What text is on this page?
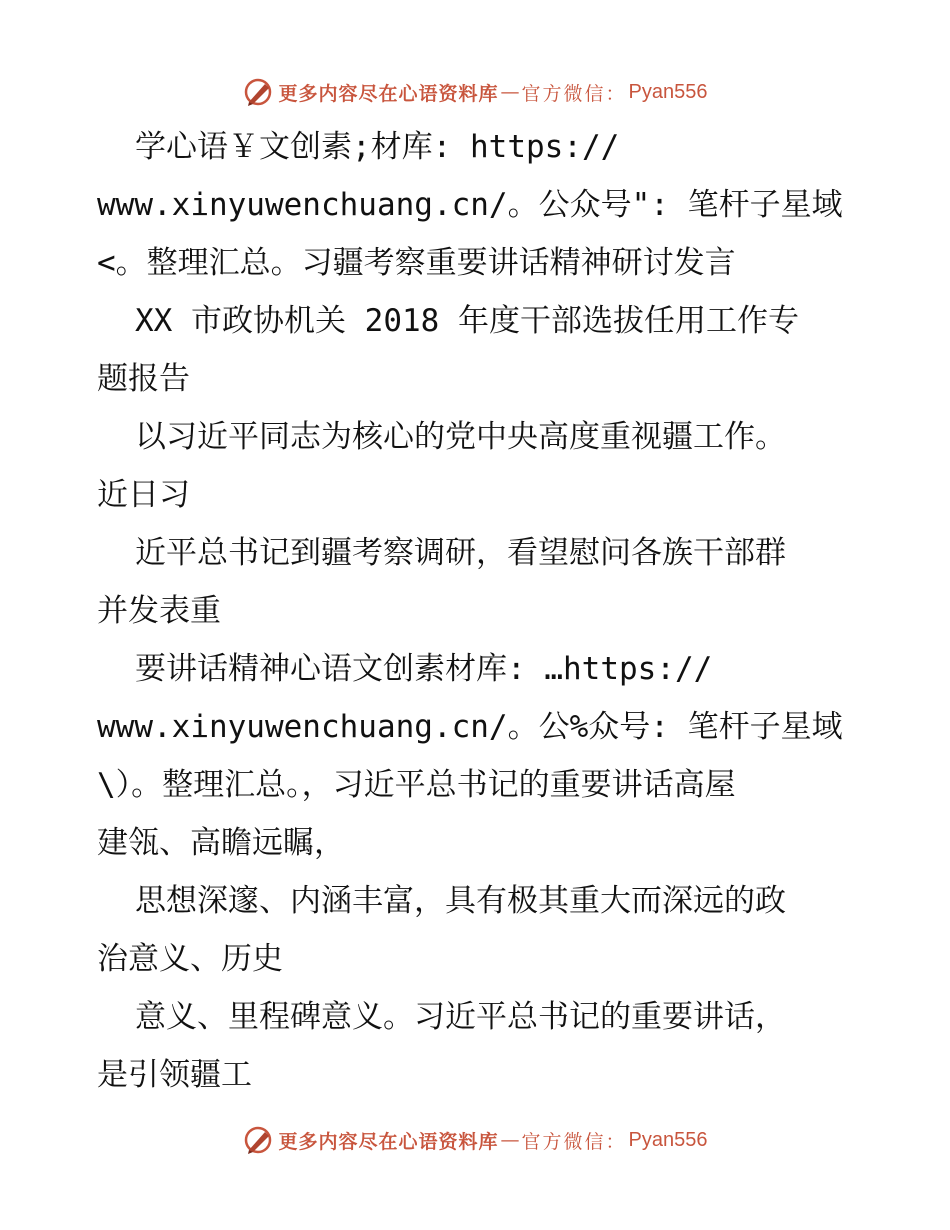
更多内容尽在心语资料库 — 官方微信： Pyan556
学心语￥文创素;材库: https://
www.xinyuwenchuang.cn/。公众号": 笔杆子星域
<。整理汇总。习疆考察重要讲话精神研讨发言
XX 市政协机关 2018 年度干部选拔任用工作专
题报告
以习近平同志为核心的党中央高度重视疆工作。
近日习
近平总书记到疆考察调研，看望慰问各族干部群
并发表重
要讲话精神心语文创素材库: …https://
www.xinyuwenchuang.cn/。公%众号: 笔杆子星域
\）。整理汇总。，习近平总书记的重要讲话高屋
建瓴、高瞻远瞩，
思想深邃、内涵丰富，具有极其重大而深远的政
治意义、历史
意义、里程碑意义。习近平总书记的重要讲话，
是引领疆工
更多内容尽在心语资料库 — 官方微信： Pyan556
